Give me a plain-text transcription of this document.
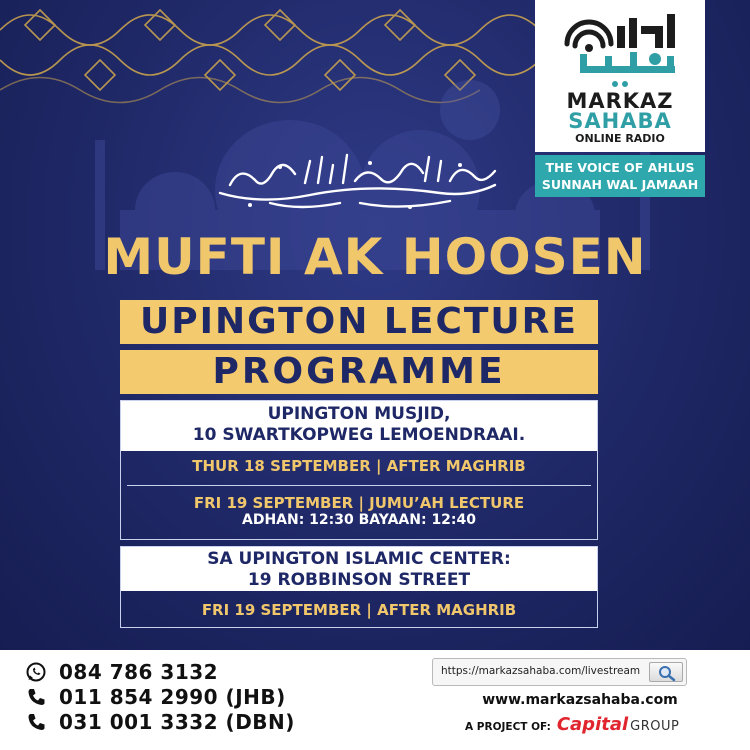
MARKAZ
SAHABA
ONLINE RADIO
THE VOICE OF AHLUS
SUNNAH WAL JAMAAH
MUFTI AK HOOSEN
UPINGTON LECTURE
PROGRAMME
UPINGTON MUSJID,
10 SWARTKOPWEG LEMOENDRAAI.
THUR 18 SEPTEMBER | AFTER MAGHRIB
FRI 19 SEPTEMBER | JUMU’AH LECTURE
ADHAN: 12:30 BAYAAN: 12:40
SA UPINGTON ISLAMIC CENTER:
19 ROBBINSON STREET
FRI 19 SEPTEMBER | AFTER MAGHRIB
084 786 3132
011 854 2990 (JHB)
031 001 3332 (DBN)
https://markazsahaba.com/livestream
www.markazsahaba.com
A PROJECT OF: Capital GROUP
